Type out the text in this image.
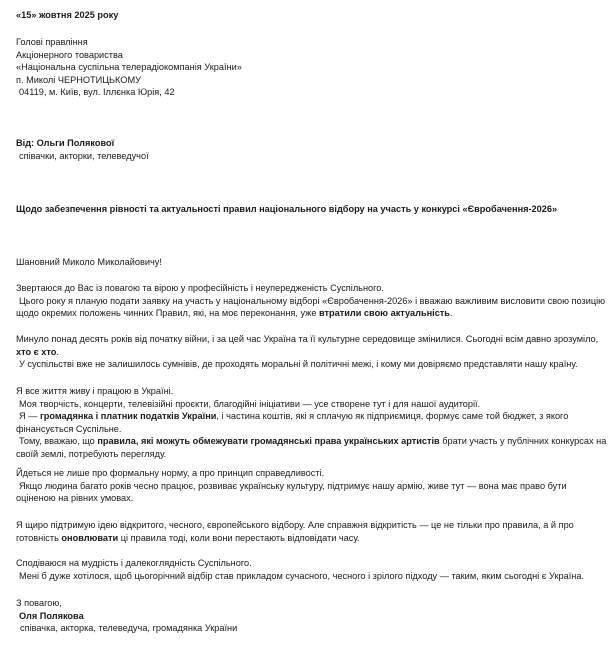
«15» жовтня 2025 року
Голові правління
Акціонерного товариства
«Національна суспільна телерадіокомпанія України»
п. Миколі ЧЕРНОТИЦЬКОМУ
04119, м. Київ, вул. Іллєнка Юрія, 42
Від: Ольги Полякової
співачки, акторки, телеведучої
Щодо забезпечення рівності та актуальності правил національного відбору на участь у конкурсі «Євробачення-2026»
Шановний Миколо Миколайовичу!
Звертаюся до Вас із повагою та вірою у професійність і неупередженість Суспільного.
Цього року я планую подати заявку на участь у національному відборі «Євробачення-2026» і вважаю важливим висловити свою позицію
щодо окремих положень чинних Правил, які, на моє переконання, уже втратили свою актуальність.
Минуло понад десять років від початку війни, і за цей час Україна та її культурне середовище змінилися. Сьогодні всім давно зрозуміло,
хто є хто.
У суспільстві вже не залишилось сумнівів, де проходять моральні й політичні межі, і кому ми довіряємо представляти нашу країну.
Я все життя живу і працюю в Україні.
Моя творчість, концерти, телевізійні проєкти, благодійні ініціативи — усе створене тут і для нашої аудиторії.
Я — громадянка і платник податків України, і частина коштів, які я сплачую як підприємиця, формує саме той бюджет, з якого
фінансується Суспільне.
Тому, вважаю, що правила, які можуть обмежувати громадянські права українських артистів брати участь у публічних конкурсах на
своїй землі, потребують перегляду.
Йдеться не лише про формальну норму, а про принцип справедливості.
Якщо людина багато років чесно працює, розвиває українську культуру, підтримує нашу армію, живе тут — вона має право бути
оціненою на рівних умовах.
Я щиро підтримую ідею відкритого, чесного, європейського відбору. Але справжня відкритість — це не тільки про правила, а й про
готовність оновлювати ці правила тоді, коли вони перестають відповідати часу.
Сподіваюся на мудрість і далекоглядність Суспільного.
Мені б дуже хотілося, щоб цьогорічний відбір став прикладом сучасного, чесного і зрілого підходу — таким, яким сьогодні є Україна.
З повагою,
Оля Полякова
співачка, акторка, телеведуча, громадянка України
